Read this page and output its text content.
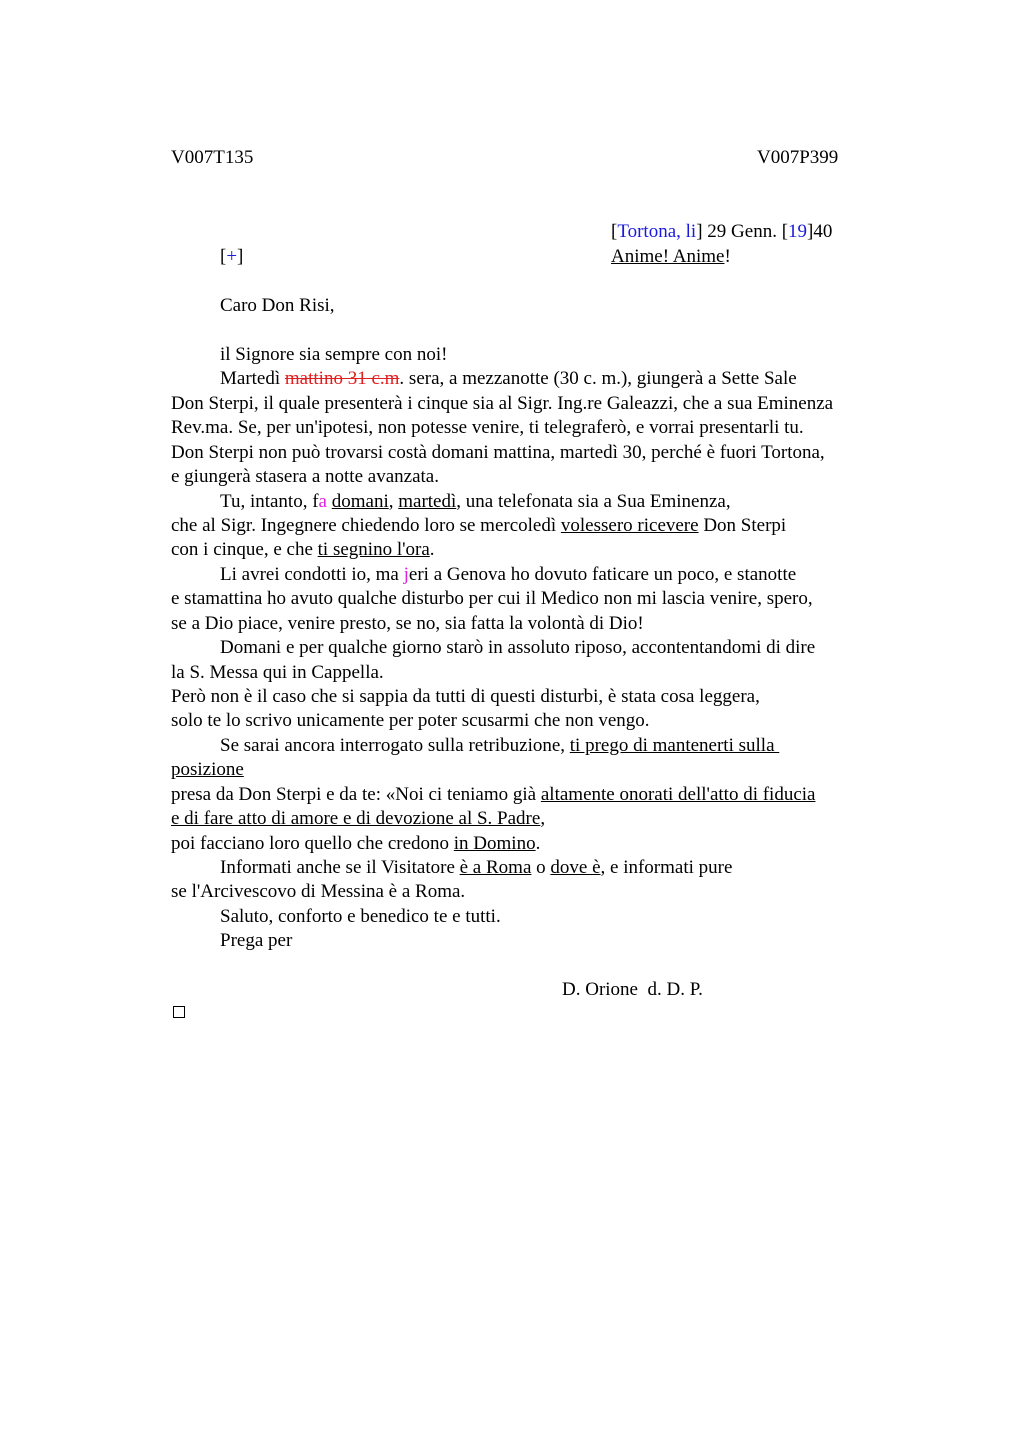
V007T135	V007P399
[Tortona, li] 29 Genn. [19]40
Anime! Anime!
[+]
Caro Don Risi,
il Signore sia sempre con noi!
Martedì mattino 31 c.m. sera, a mezzanotte (30 c. m.), giungerà a Sette Sale
Don Sterpi, il quale presenterà i cinque sia al Sigr. Ing.re Galeazzi, che a sua Eminenza
Rev.ma. Se, per un'ipotesi, non potesse venire, ti telegraferò, e vorrai presentarli tu.
Don Sterpi non può trovarsi costà domani mattina, martedì 30, perché è fuori Tortona,
e giungerà stasera a notte avanzata.
Tu, intanto, fa domani, martedì, una telefonata sia a Sua Eminenza,
che al Sigr. Ingegnere chiedendo loro se mercoledì volessero ricevere Don Sterpi
con i cinque, e che ti segnino l'ora.
Li avrei condotti io, ma jeri a Genova ho dovuto faticare un poco, e stanotte
e stamattina ho avuto qualche disturbo per cui il Medico non mi lascia venire, spero,
se a Dio piace, venire presto, se no, sia fatta la volontà di Dio!
Domani e per qualche giorno starò in assoluto riposo, accontentandomi di dire
la S. Messa qui in Cappella.
Però non è il caso che si sappia da tutti di questi disturbi, è stata cosa leggera,
solo te lo scrivo unicamente per poter scusarmi che non vengo.
Se sarai ancora interrogato sulla retribuzione, ti prego di mantenerti sulla
posizione
presa da Don Sterpi e da te: «Noi ci teniamo già altamente onorati dell'atto di fiducia
e di fare atto di amore e di devozione al S. Padre,
poi facciano loro quello che credono in Domino.
Informati anche se il Visitatore è a Roma o dove è, e informati pure
se l'Arcivescovo di Messina è a Roma.
Saluto, conforto e benedico te e tutti.
Prega per
D. Orione  d. D. P.
